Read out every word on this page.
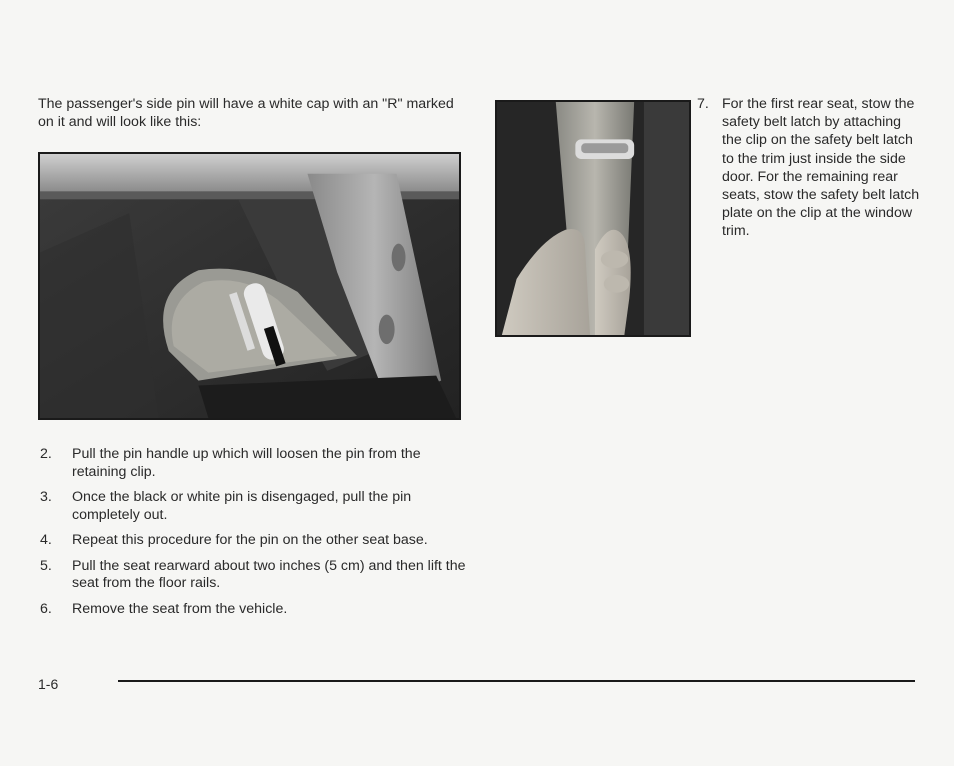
The passenger's side pin will have a white cap with an "R" marked on it and will look like this:

7. For the first rear seat, stow the safety belt latch by attaching the clip on the safety belt latch to the trim just inside the side door. For the remaining rear seats, stow the safety belt latch plate on the clip at the window trim.
2.	Pull the pin handle up which will loosen the pin from the retaining clip.
3.	Once the black or white pin is disengaged, pull the pin completely out.
4.	Repeat this procedure for the pin on the other seat base.
5.	Pull the seat rearward about two inches (5 cm) and then lift the seat from the floor rails.
6.	Remove the seat from the vehicle.
1-6
